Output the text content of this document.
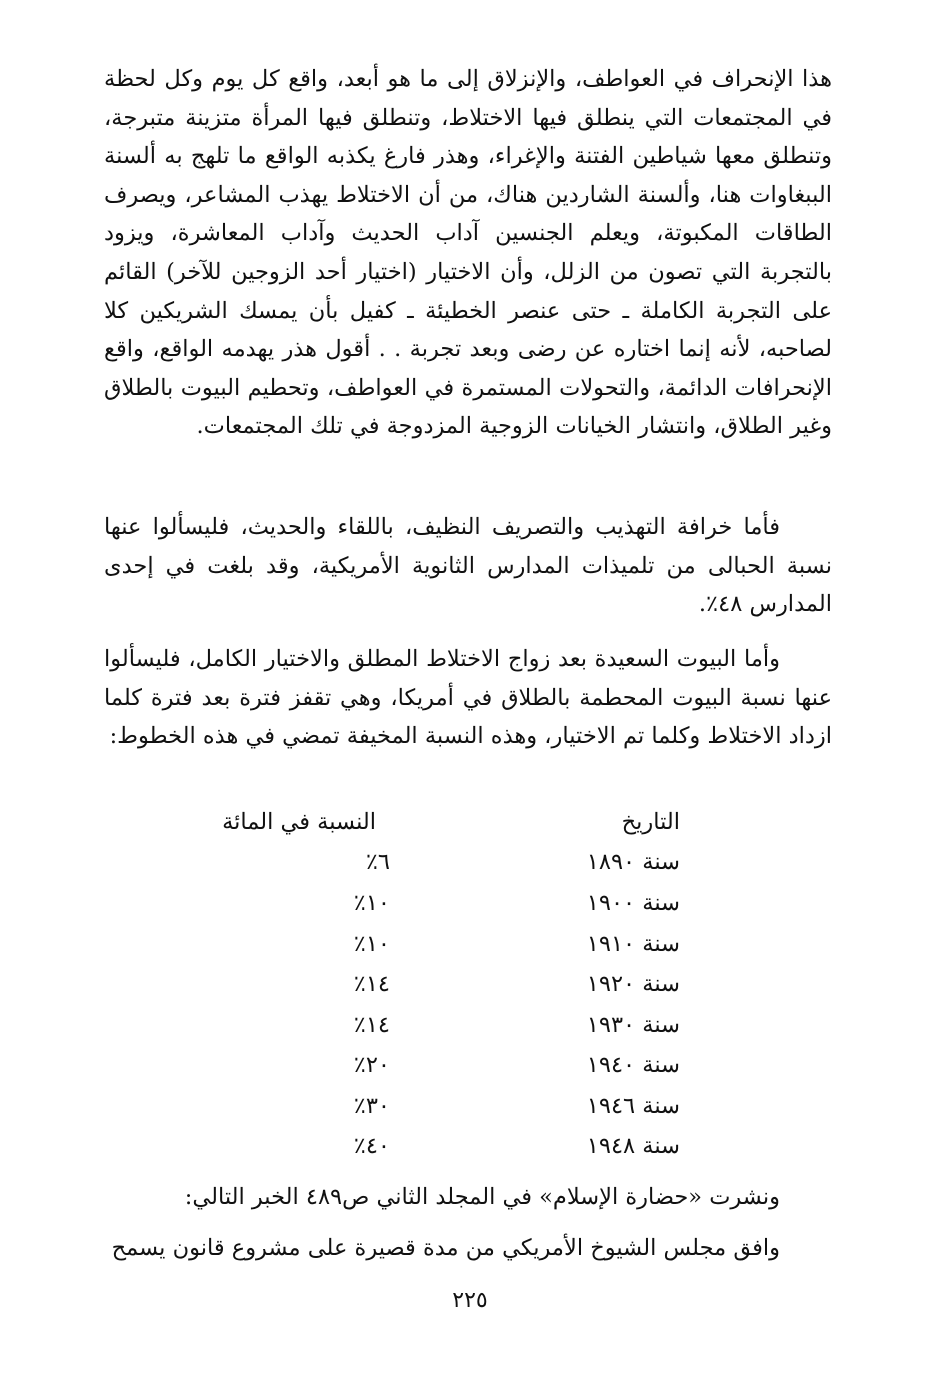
هذا الإنحراف في العواطف، والإنزلاق إلى ما هو أبعد، واقع كل يوم وكل لحظة في المجتمعات التي ينطلق فيها الاختلاط، وتنطلق فيها المرأة متزينة متبرجة، وتنطلق معها شياطين الفتنة والإغراء، وهذر فارغ يكذبه الواقع ما تلهج به ألسنة الببغاوات هنا، وألسنة الشاردين هناك، من أن الاختلاط يهذب المشاعر، ويصرف الطاقات المكبوتة، ويعلم الجنسين آداب الحديث وآداب المعاشرة، ويزود بالتجربة التي تصون من الزلل، وأن الاختيار (اختيار أحد الزوجين للآخر) القائم على التجربة الكاملة ـ حتى عنصر الخطيئة ـ كفيل بأن يمسك الشريكين كلا لصاحبه، لأنه إنما اختاره عن رضى وبعد تجربة . . أقول هذر يهدمه الواقع، واقع الإنحرافات الدائمة، والتحولات المستمرة في العواطف، وتحطيم البيوت بالطلاق وغير الطلاق، وانتشار الخيانات الزوجية المزدوجة في تلك المجتمعات.

فأما خرافة التهذيب والتصريف النظيف، باللقاء والحديث، فليسألوا عنها نسبة الحبالى من تلميذات المدارس الثانوية الأمريكية، وقد بلغت في إحدى المدارس ٤٨٪.

وأما البيوت السعيدة بعد زواج الاختلاط المطلق والاختيار الكامل، فليسألوا عنها نسبة البيوت المحطمة بالطلاق في أمريكا، وهي تقفز فترة بعد فترة كلما ازداد الاختلاط وكلما تم الاختيار، وهذه النسبة المخيفة تمضي في هذه الخطوط:

التاريخ
النسبة في المائة
سنة ١٨٩٠
٦٪
سنة ١٩٠٠
١٠٪
سنة ١٩١٠
١٠٪
سنة ١٩٢٠
١٤٪
سنة ١٩٣٠
١٤٪
سنة ١٩٤٠
٢٠٪
سنة ١٩٤٦
٣٠٪
سنة ١٩٤٨
٤٠٪

ونشرت «حضارة الإسلام» في المجلد الثاني ص٤٨٩ الخبر التالي:

وافق مجلس الشيوخ الأمريكي من مدة قصيرة على مشروع قانون يسمح

٢٢٥
